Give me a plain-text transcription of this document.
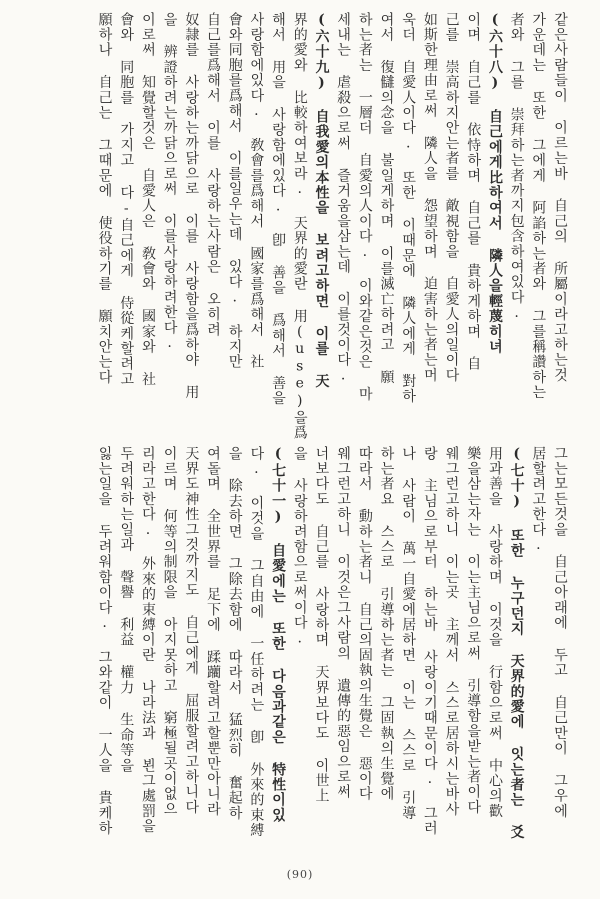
같은사람들이 이르는바 自己의 所屬이라고하는것
가운데는 또한 그에게 阿諂하는者와 그를稱讚하는
者와 그를 崇拜하는者까지包含하여있다.
(六十八) 自己에게比하여서 隣人을輕蔑히녀
이며 自己를 依恃하며 自己를 貴하게하며 自
己를 崇高하지안는者를 敵視함을 自愛人의일이다
如斯한理由로써 隣人을 怨望하며 迫害하는者는머
욱더 自愛人이다. 또한 이때문에 隣人에게 對하
여서 復讎의念을 불일게하며 이를滅亡하려고 願
하는者는 一層더 自愛의人이다. 이와같은것은 마
세내는 虐殺으로써 즐거움을삼는데 이를것이다.
(六十九) 自我愛의本性을 보려고하면 이를 天
界的愛와 比較하여보라. 天界的愛란 用(use)을爲
해서 用을 사랑함에있다. 卽 善을 爲해서 善을
사랑함에있다. 敎會를爲해서 國家를爲해서 社
會와同胞를爲해서 이를일우는데 있다. 하지만
自己를爲해서 이를 사랑하는사람은 오히려
奴隷를 사랑하는까닭으로 이를 사랑함을爲하야 用
을 辨證하려는까닭으로써 이를사랑하려한다.
이로써 知覺할것은 自愛人은 敎會와 國家와 社
會와 同胞를 가지고 다-自己에게 侍從케할려고
願하나 自己는 그때문에 使役하기를 願치안는다
그는모든것을 自己아래에 두고 自己만이 그우에
居할려고한다.
(七十) 또한 누구던지 天界的愛에 잇는者는 爻
用과善을 사랑하며 이것을 行함으로써 中心의歡
樂을삼는자는 이는主님으로써 引導함을받는者이다
웨그런고하니 이는곳 主께서 스스로居하시는바사
랑 主님으로부터 하는바 사랑이기때문이다. 그러
나 사람이 萬一自愛에居하면 이는 스스로 引導
하는者요 스스로 引導하는者는 그固執의生覺에
따라서 動하는者니 自己의固執의生覺은 惡이다
웨그런고하니 이것은그사람의 遺傳的惡임으로써
너보다도 自己를 사랑하며 天界보다도 이世上
을 사랑하려함으로써이다.
(七十一) 自愛에는 또한 다음과같은 特性이있
다. 이것을 그自由에 一任하려는 卽 外來的束縛
을 除去하면 그除去함에 따라서 猛烈히 奮起하
여돌며 全世界를 足下에 蹂躪할려고할뿐만아니라
天界도神性그것까지도 自己에게 屈服할려고하니다
이르며 何等의制限을 아지못하고 窮極될곳이없으
리라고한다. 外來的束縛이란 나라法과 뵌그處罰을
두려워하는일과 聲譽 利益 權力 生命等을
잃는일을 두려워함이다. 그와같이 一人을 貴케하
(90)
